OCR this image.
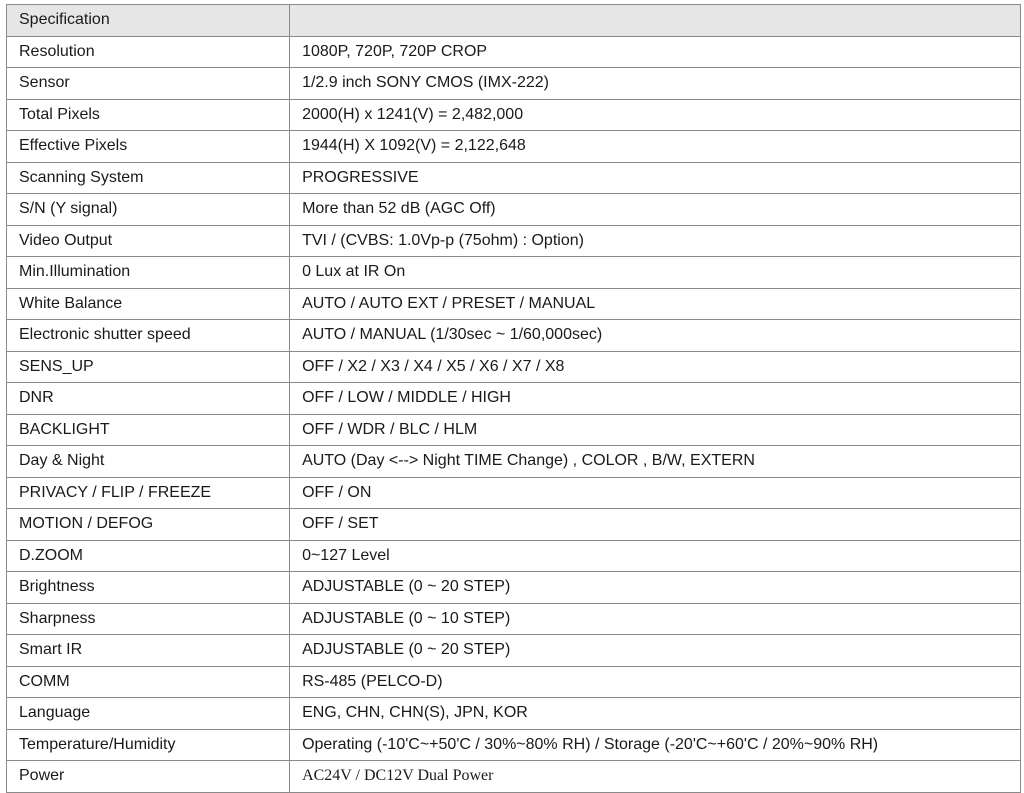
Specification	
Resolution	1080P, 720P, 720P CROP
Sensor	1/2.9 inch SONY CMOS (IMX-222)
Total Pixels	2000(H) x 1241(V) = 2,482,000
Effective Pixels	1944(H) X 1092(V) = 2,122,648
Scanning System	PROGRESSIVE
S/N (Y signal)	More than 52 dB (AGC Off)
Video Output	TVI / (CVBS: 1.0Vp-p (75ohm) : Option)
Min.Illumination	0 Lux at IR On
White Balance	AUTO / AUTO EXT / PRESET / MANUAL
Electronic shutter speed	AUTO / MANUAL (1/30sec ~ 1/60,000sec)
SENS_UP	OFF / X2 / X3 / X4 / X5 / X6 / X7 / X8
DNR	OFF / LOW / MIDDLE / HIGH
BACKLIGHT	OFF / WDR / BLC / HLM
Day & Night	AUTO (Day <--> Night TIME Change) , COLOR , B/W, EXTERN
PRIVACY / FLIP / FREEZE	OFF / ON
MOTION / DEFOG	OFF / SET
D.ZOOM	0~127 Level
Brightness	ADJUSTABLE (0 ~ 20 STEP)
Sharpness	ADJUSTABLE (0 ~ 10 STEP)
Smart IR	ADJUSTABLE (0 ~ 20 STEP)
COMM	RS-485 (PELCO-D)
Language	ENG, CHN, CHN(S), JPN, KOR
Temperature/Humidity	Operating (-10'C~+50'C / 30%~80% RH) / Storage (-20'C~+60'C / 20%~90% RH)
Power	AC24V / DC12V Dual Power
